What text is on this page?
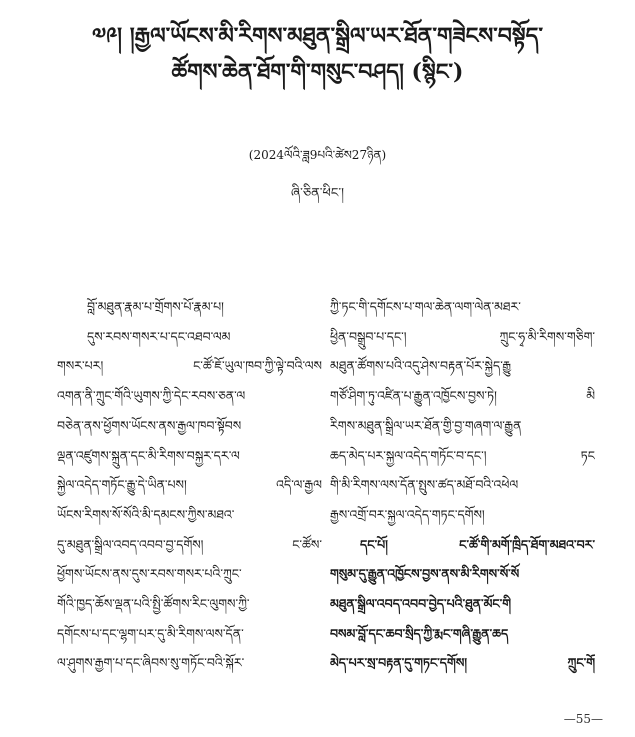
༧༩། །རྒྱལ་ཡོངས་མི་རིགས་མཐུན་སྒྲིལ་ཡར་ཐོན་གཟེངས་བསྟོད་
ཚོགས་ཆེན་ཐོག་གི་གསུང་བཤད། (སྙིང་)
(2024ལོའི་ཟླ9པའི་ཚེས27ཉིན)
ཞི་ཅིན་ཕིང་།
བློ་མཐུན་རྣམ་པ་གྲོགས་པོ་རྣམ་པ།
དུས་རབས་གསར་པ་དང་འཐབ་ལམ
གསར་པར། ང་ཚོ་ཇོ་ཡུལ་ཁབ་ཀྱི་ལྟེ་བའི་ལས
འགན་ནི་ཀྲུང་གོའི་ཡུགས་ཀྱི་དེང་རབས་ཅན་ལ
བཅེན་ནས་ཕྱོགས་ཡོངས་ནས་རྒྱལ་ཁབ་སྟོབས
ལྡན་འཛུགས་སྐྲུན་དང་མི་རིགས་བསྐྱར་དར་ལ
སྐྱེལ་འདེད་གཏོང་རྒྱུ་དེ་ཡིན་པས། འདི་ལ་རྒྱལ
ཡོངས་རིགས་སོ་སོའི་མི་དམངས་ཀྱིས་མཐའ་
དུ་མཐུན་སྒྲིལ་འབད་འབབ་བྱ་དགོས། ང་ཚོས་
ཕྱོགས་ཡོངས་ནས་དུས་རབས་གསར་པའི་ཀྲུང་
གོའི་ཁྱད་ཆོས་ལྡན་པའི་སྤྱི་ཚོགས་རིང་ལུགས་ཀྱི་
དགོངས་པ་དང་ལྷག་པར་དུ་མི་རིགས་ལས་དོན་
ལ་ཤུགས་རྒྱག་པ་དང་ཞིབས་སུ་གཏོང་བའི་སྐོར་
ཀྱི་ཏང་གི་དགོངས་པ་གལ་ཆེན་ལག་ལེན་མཐར་
ཕྱིན་བསྒྲུབ་པ་དང་། ཀྲུང་ཧྭ་མི་རིགས་གཅིག་
མཐུན་ཚོགས་པའི་འདུ་ཤེས་བརྟན་པོར་སྐྱེད་རྒྱུ
གཙོ་ཤིག་ཏུ་འཛིན་པ་རྒྱུན་འཁྱོངས་བྱས་ཏེ། མི
རིགས་མཐུན་སྒྲིལ་ཡར་ཐོན་གྱི་བྱ་གཞག་ལ་རྒྱུན
ཆད་མེད་པར་སྐྱལ་འདེད་གཏོང་བ་དང་། ཏང
གི་མི་རིགས་ལས་དོན་སྤུས་ཚད་མཐོ་བའི་འཕེལ
རྒྱས་འགྲོ་བར་སྐྱལ་འདེད་གཏང་དགོས།
དང་པོ། ང་ཚོ་གི་མགོ་ཁྲིད་ཐོག་མཐའ་བར་
གསུམ་དུ་རྒྱུན་འཁྱོངས་བྱས་ནས་མི་རིགས་སོ་སོ
མཐུན་སྒྲིལ་འབད་འབབ་བྱེད་པའི་ཐུན་མོང་གི
བསམ་བློ་དང་ཆབ་སྲིད་ཀྱི་རྨང་གཞི་རྒྱུན་ཆད
མེད་པར་སྲ་བརྟན་དུ་གཏང་དགོས། ཀྲུང་གོ
—55—
